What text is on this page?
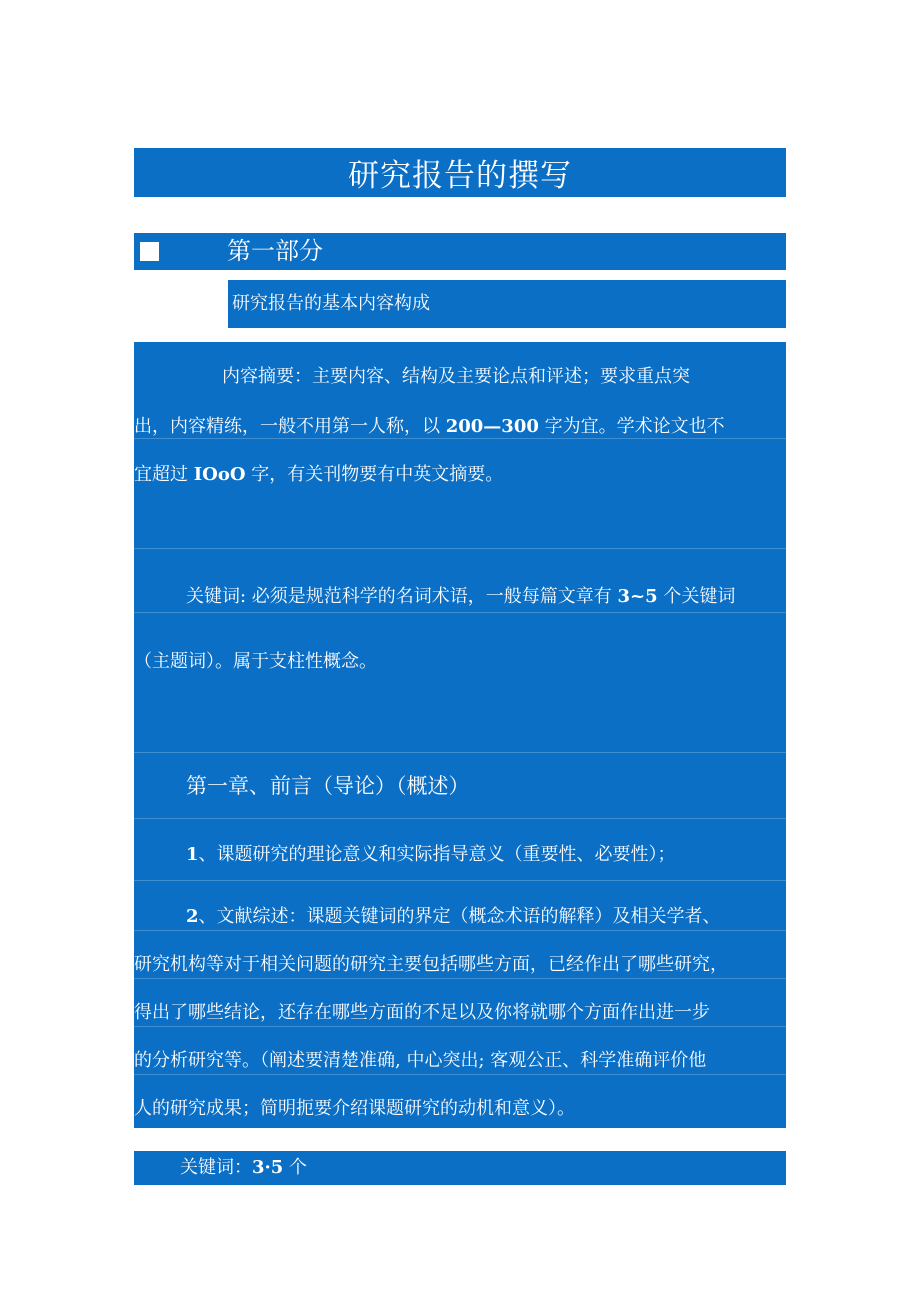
研究报告的撰写
第一部分
研究报告的基本内容构成
内容摘要：主要内容、结构及主要论点和评述；要求重点突
出，内容精练，一般不用第一人称，以 200—300 字为宜。学术论文也不
宜超过 IOoO 字，有关刊物要有中英文摘要。
关键词: 必须是规范科学的名词术语，一般每篇文章有 3~5 个关键词
（主题词）。属于支柱性概念。
第一章、前言（导论）（概述）
1、课题研究的理论意义和实际指导意义（重要性、必要性）；
2、文献综述：课题关键词的界定（概念术语的解释）及相关学者、
研究机构等对于相关问题的研究主要包括哪些方面，已经作出了哪些研究，
得出了哪些结论，还存在哪些方面的不足以及你将就哪个方面作出进一步
的分析研究等。（阐述要清楚准确, 中心突出; 客观公正、科学准确评价他
人的研究成果；简明扼要介绍课题研究的动机和意义）。
关键词：3·5 个
